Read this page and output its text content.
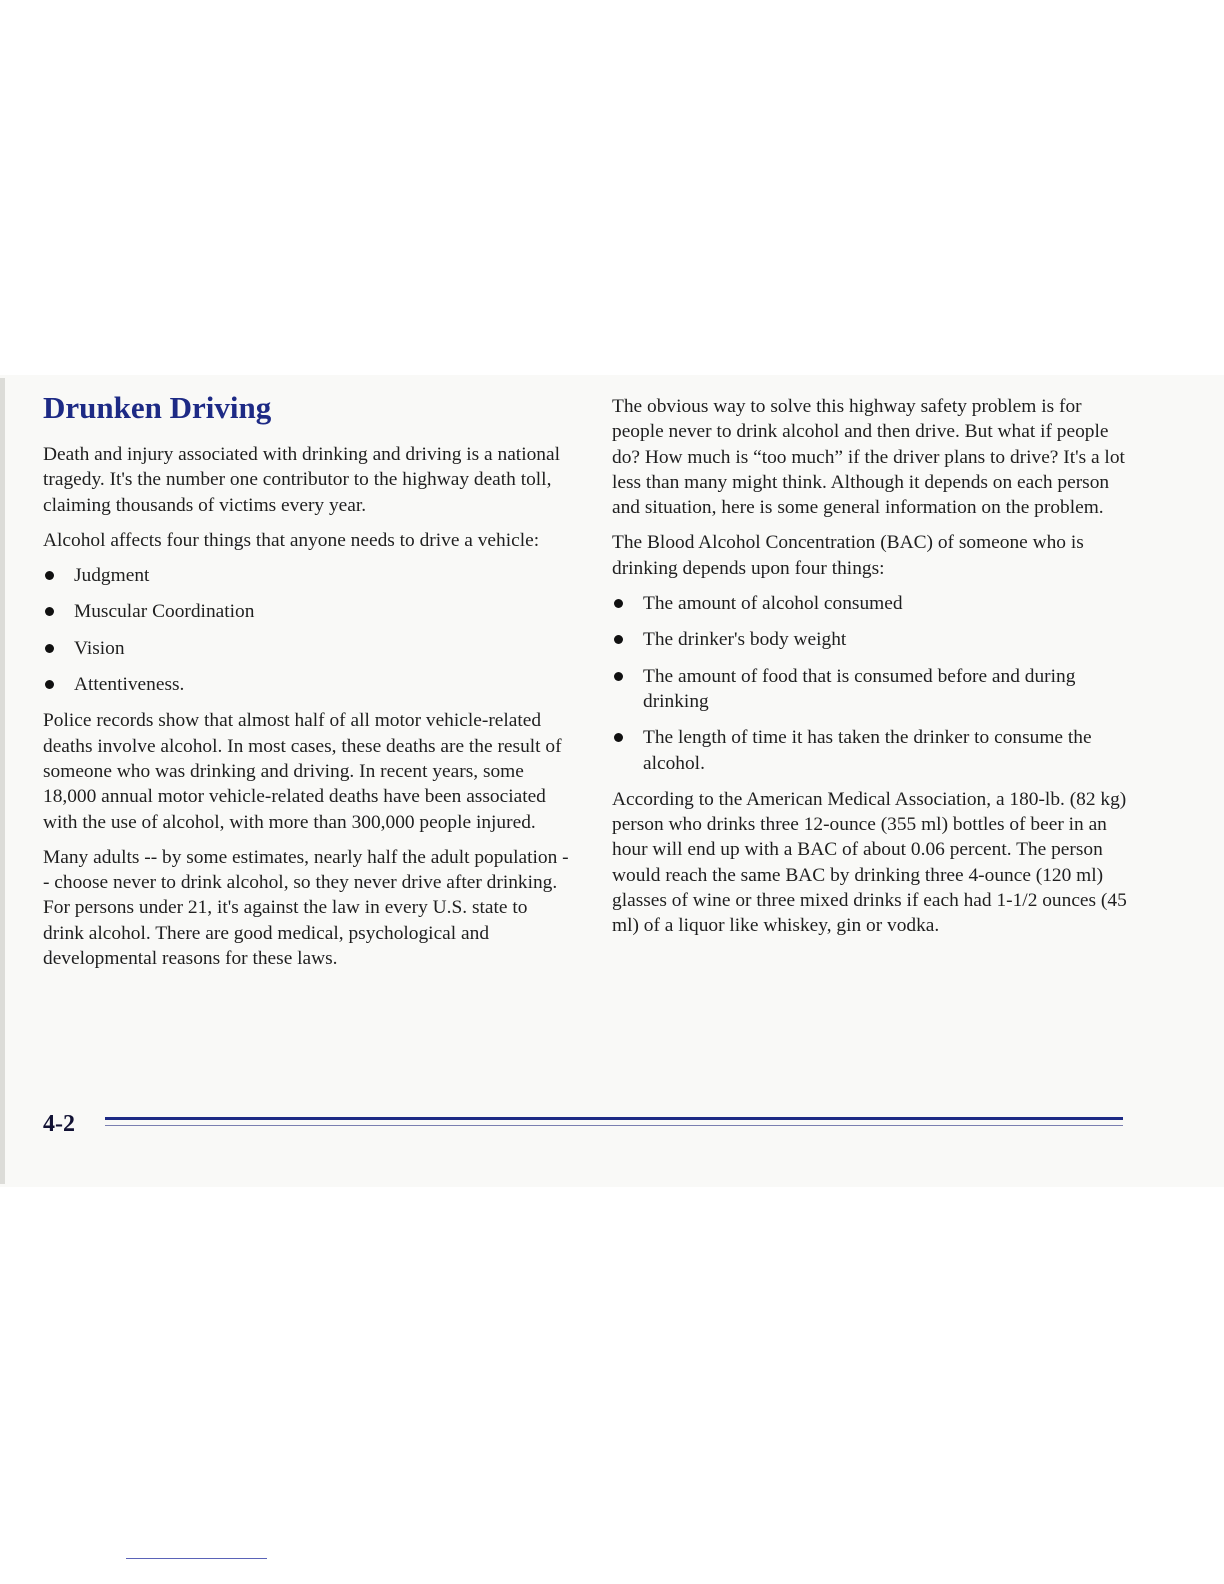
Drunken Driving

Death and injury associated with drinking and driving is a national tragedy. It's the number one contributor to the highway death toll, claiming thousands of victims every year.

Alcohol affects four things that anyone needs to drive a vehicle:

Judgment
Muscular Coordination
Vision
Attentiveness.

Police records show that almost half of all motor vehicle-related deaths involve alcohol. In most cases, these deaths are the result of someone who was drinking and driving. In recent years, some 18,000 annual motor vehicle-related deaths have been associated with the use of alcohol, with more than 300,000 people injured.

Many adults -- by some estimates, nearly half the adult population -- choose never to drink alcohol, so they never drive after drinking. For persons under 21, it's against the law in every U.S. state to drink alcohol. There are good medical, psychological and developmental reasons for these laws.

The obvious way to solve this highway safety problem is for people never to drink alcohol and then drive. But what if people do? How much is “too much” if the driver plans to drive? It's a lot less than many might think. Although it depends on each person and situation, here is some general information on the problem.

The Blood Alcohol Concentration (BAC) of someone who is drinking depends upon four things:

The amount of alcohol consumed
The drinker's body weight
The amount of food that is consumed before and during drinking
The length of time it has taken the drinker to consume the alcohol.

According to the American Medical Association, a 180-lb. (82 kg) person who drinks three 12-ounce (355 ml) bottles of beer in an hour will end up with a BAC of about 0.06 percent. The person would reach the same BAC by drinking three 4-ounce (120 ml) glasses of wine or three mixed drinks if each had 1-1/2 ounces (45 ml) of a liquor like whiskey, gin or vodka.

4-2
